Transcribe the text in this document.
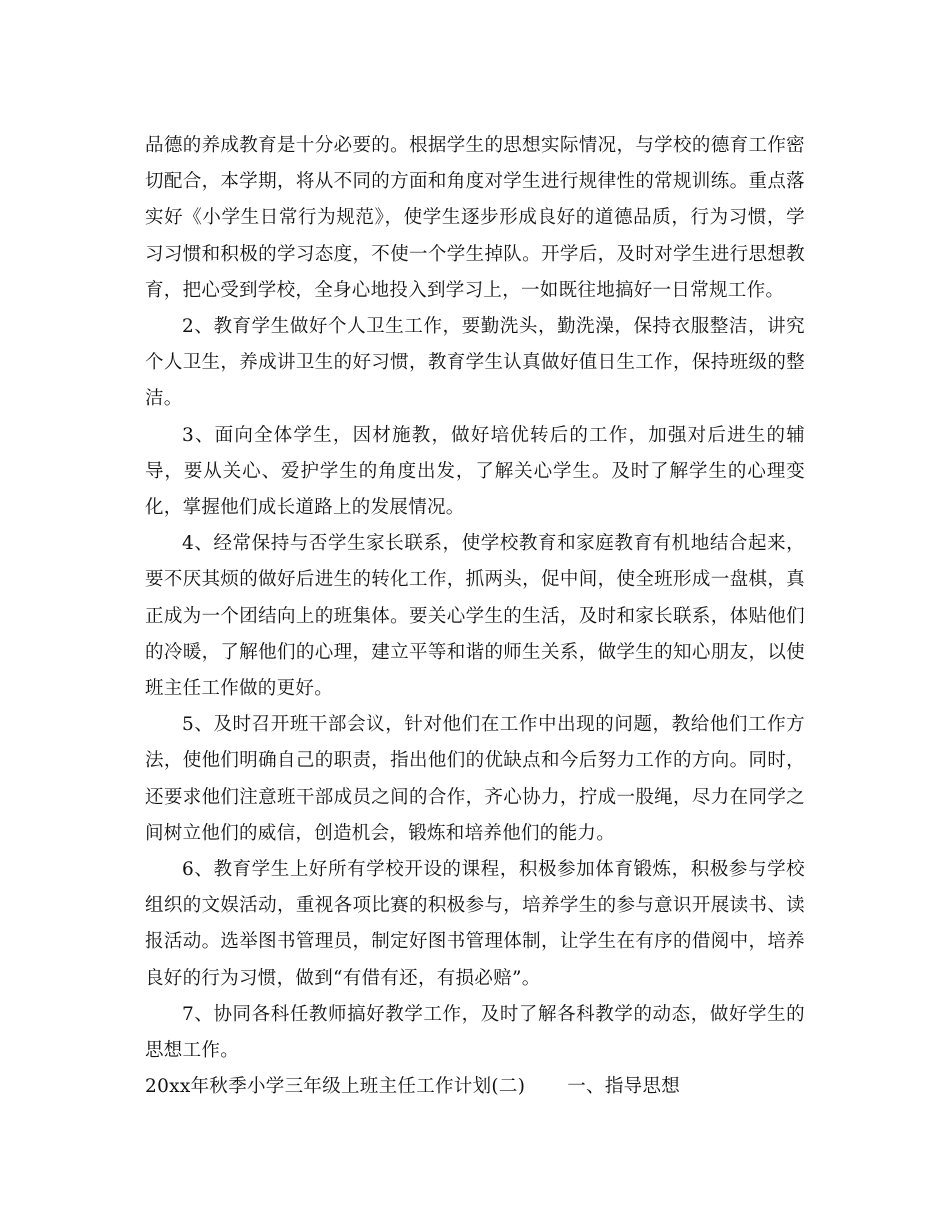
品德的养成教育是十分必要的。根据学生的思想实际情况，与学校的德育工作密切配合，本学期，将从不同的方面和角度对学生进行规律性的常规训练。重点落实好《小学生日常行为规范》，使学生逐步形成良好的道德品质，行为习惯，学习习惯和积极的学习态度，不使一个学生掉队。开学后，及时对学生进行思想教育，把心受到学校，全身心地投入到学习上，一如既往地搞好一日常规工作。

2、教育学生做好个人卫生工作，要勤洗头，勤洗澡，保持衣服整洁，讲究个人卫生，养成讲卫生的好习惯，教育学生认真做好值日生工作，保持班级的整洁。

3、面向全体学生，因材施教，做好培优转后的工作，加强对后进生的辅导，要从关心、爱护学生的角度出发，了解关心学生。及时了解学生的心理变化，掌握他们成长道路上的发展情况。

4、经常保持与否学生家长联系，使学校教育和家庭教育有机地结合起来，要不厌其烦的做好后进生的转化工作，抓两头，促中间，使全班形成一盘棋，真正成为一个团结向上的班集体。要关心学生的生活，及时和家长联系，体贴他们的冷暖，了解他们的心理，建立平等和谐的师生关系，做学生的知心朋友，以使班主任工作做的更好。

5、及时召开班干部会议，针对他们在工作中出现的问题，教给他们工作方法，使他们明确自己的职责，指出他们的优缺点和今后努力工作的方向。同时，还要求他们注意班干部成员之间的合作，齐心协力，拧成一股绳，尽力在同学之间树立他们的威信，创造机会，锻炼和培养他们的能力。

6、教育学生上好所有学校开设的课程，积极参加体育锻炼，积极参与学校组织的文娱活动，重视各项比赛的积极参与，培养学生的参与意识开展读书、读报活动。选举图书管理员，制定好图书管理体制，让学生在有序的借阅中，培养良好的行为习惯，做到“有借有还，有损必赔”。

7、协同各科任教师搞好教学工作，及时了解各科教学的动态，做好学生的思想工作。

20xx年秋季小学三年级上班主任工作计划(二) 一、指导思想
